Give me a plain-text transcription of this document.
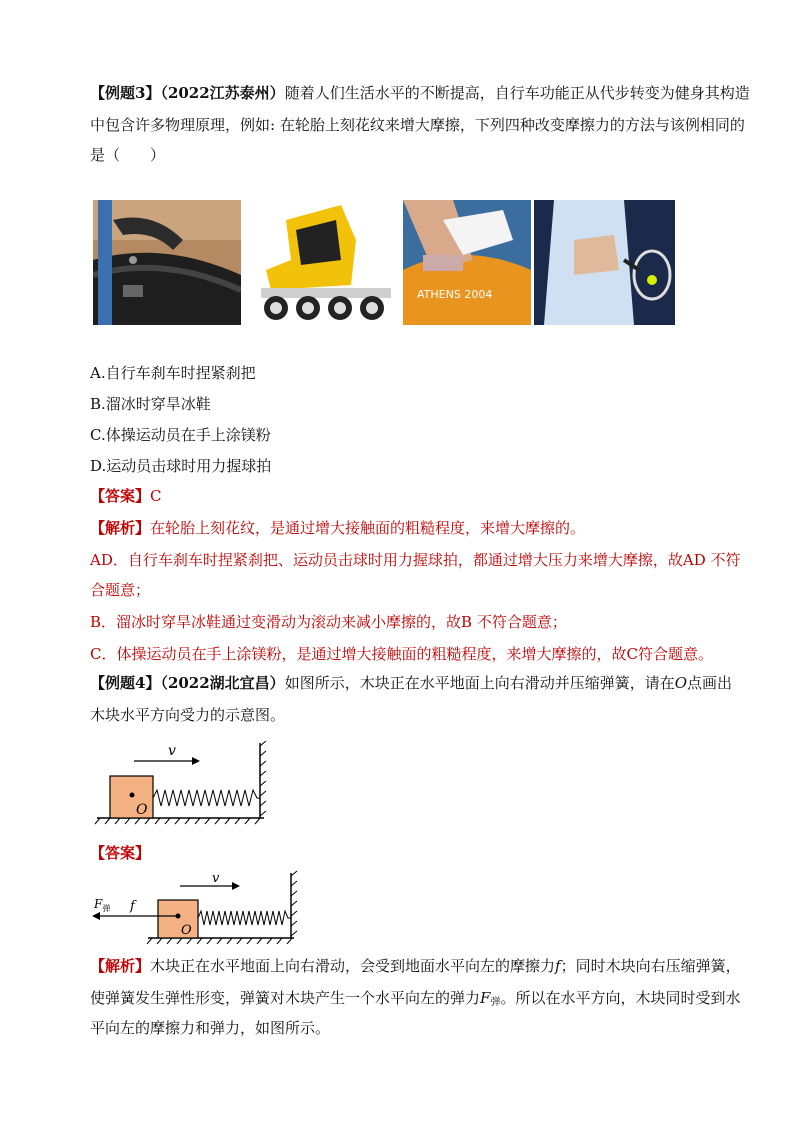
【例题3】（2022江苏泰州）随着人们生活水平的不断提高，自行车功能正从代步转变为健身其构造
中包含许多物理原理，例如: 在轮胎上刻花纹来增大摩擦，下列四种改变摩擦力的方法与该例相同的
是（　　）
ATHENS 2004
A.自行车刹车时捏紧刹把
B.溜冰时穿旱冰鞋
C.体操运动员在手上涂镁粉
D.运动员击球时用力握球拍
【答案】C
【解析】在轮胎上刻花纹，是通过增大接触面的粗糙程度，来增大摩擦的。
AD．自行车刹车时捏紧刹把、运动员击球时用力握球拍，都通过增大压力来增大摩擦，故AD 不符
合题意；
B．溜冰时穿旱冰鞋通过变滑动为滚动来减小摩擦的，故B 不符合题意；
C．体操运动员在手上涂镁粉，是通过增大接触面的粗糙程度，来增大摩擦的，故C符合题意。
【例题4】（2022湖北宜昌）如图所示，木块正在水平地面上向右滑动并压缩弹簧，请在O点画出
木块水平方向受力的示意图。
v
O
【答案】
v
$F_弹$ f
O
【解析】木块正在水平地面上向右滑动，会受到地面水平向左的摩擦力f；同时木块向右压缩弹簧，
使弹簧发生弹性形变，弹簧对木块产生一个水平向左的弹力F弹。所以在水平方向，木块同时受到水
平向左的摩擦力和弹力，如图所示。
